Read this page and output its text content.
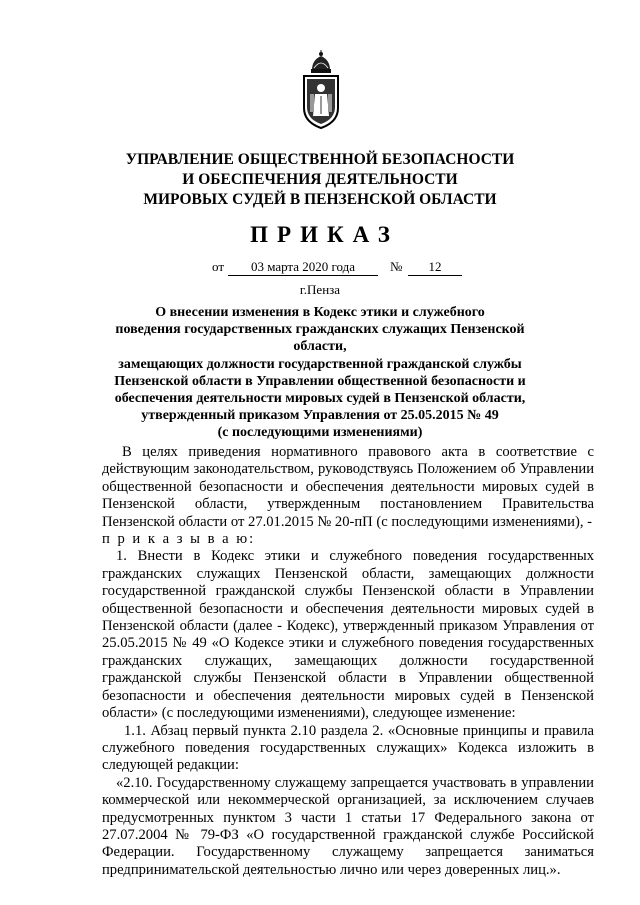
УПРАВЛЕНИЕ ОБЩЕСТВЕННОЙ БЕЗОПАСНОСТИ
И ОБЕСПЕЧЕНИЯ ДЕЯТЕЛЬНОСТИ
МИРОВЫХ СУДЕЙ В ПЕНЗЕНСКОЙ ОБЛАСТИ
ПРИКАЗ
от	03 марта 2020 года	№	12
г.Пенза
О внесении изменения в Кодекс этики и служебного
поведения государственных гражданских служащих Пензенской области,
замещающих должности государственной гражданской службы
Пензенской области в Управлении общественной безопасности и
обеспечения деятельности мировых судей в Пензенской области,
утвержденный приказом Управления от 25.05.2015 № 49
(с последующими изменениями)

В целях приведения нормативного правового акта в соответствие с действующим законодательством, руководствуясь Положением об Управлении общественной безопасности и обеспечения деятельности мировых судей в Пензенской области, утвержденным постановлением Правительства Пензенской области от 27.01.2015 № 20-пП (с последующими изменениями), -

п р и к а з ы в а ю:

1. Внести в Кодекс этики и служебного поведения государственных гражданских служащих Пензенской области, замещающих должности государственной гражданской службы Пензенской области в Управлении общественной безопасности и обеспечения деятельности мировых судей в Пензенской области (далее - Кодекс), утвержденный приказом Управления от 25.05.2015 № 49 «О Кодексе этики и служебного поведения государственных гражданских служащих, замещающих должности государственной гражданской службы Пензенской области в Управлении общественной безопасности и обеспечения деятельности мировых судей в Пензенской области» (с последующими изменениями), следующее изменение:

1.1. Абзац первый пункта 2.10 раздела 2. «Основные принципы и правила служебного поведения государственных служащих» Кодекса изложить в следующей редакции:

«2.10. Государственному служащему запрещается участвовать в управлении коммерческой или некоммерческой организацией, за исключением случаев предусмотренных пунктом 3 части 1 статьи 17 Федерального закона от 27.07.2004 № 79-ФЗ «О государственной гражданской службе Российской Федерации. Государственному служащему запрещается заниматься предпринимательской деятельностью лично или через доверенных лиц.».
